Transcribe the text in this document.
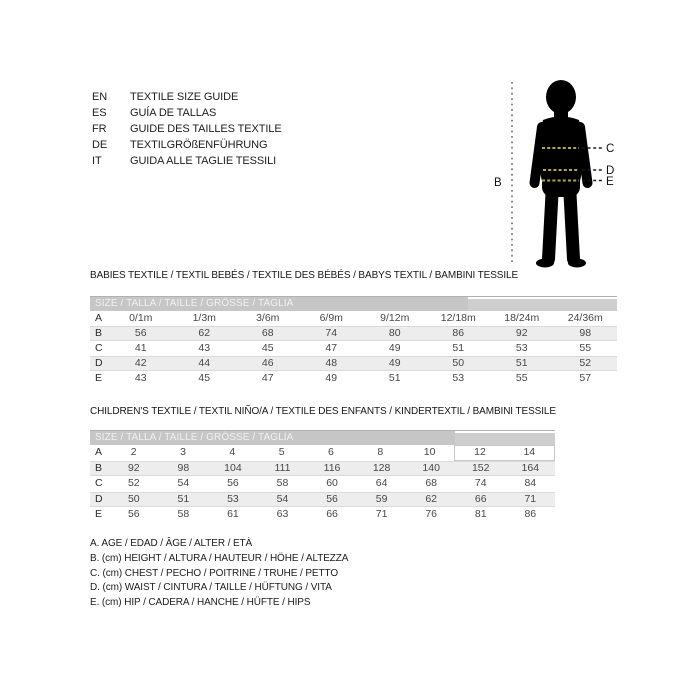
EN	TEXTILE SIZE GUIDE
ES	GUÍA DE TALLAS
FR	GUIDE DES TAILLES TEXTILE
DE	TEXTILGRÖßENFÜHRUNG
IT	GUIDA ALLE TAGLIE TESSILI
B
C
D
E
BABIES TEXTILE / TEXTIL BEBÉS / TEXTILE DES BÉBÉS / BABYS TEXTIL / BAMBINI TESSILE
SIZE / TALLA / TAILLE / GRÖSSE / TAGLIA
A	0/1m	1/3m	3/6m	6/9m	9/12m	12/18m	18/24m	24/36m
B	56	62	68	74	80	86	92	98
C	41	43	45	47	49	51	53	55
D	42	44	46	48	49	50	51	52
E	43	45	47	49	51	53	55	57
CHILDREN'S TEXTILE / TEXTIL NIÑO/A / TEXTILE DES ENFANTS / KINDERTEXTIL / BAMBINI TESSILE
SIZE / TALLA / TAILLE / GRÖSSE / TAGLIA
A	2	3	4	5	6	8	10	12	14
B	92	98	104	111	116	128	140	152	164
C	52	54	56	58	60	64	68	74	84
D	50	51	53	54	56	59	62	66	71
E	56	58	61	63	66	71	76	81	86
A. AGE / EDAD / ÂGE / ALTER / ETÀ
B. (cm) HEIGHT / ALTURA / HAUTEUR / HÖHE / ALTEZZA
C. (cm) CHEST / PECHO / POITRINE / TRUHE / PETTO
D. (cm) WAIST / CINTURA / TAILLE / HÜFTUNG / VITA
E. (cm) HIP / CADERA / HANCHE / HÜFTE / HIPS
